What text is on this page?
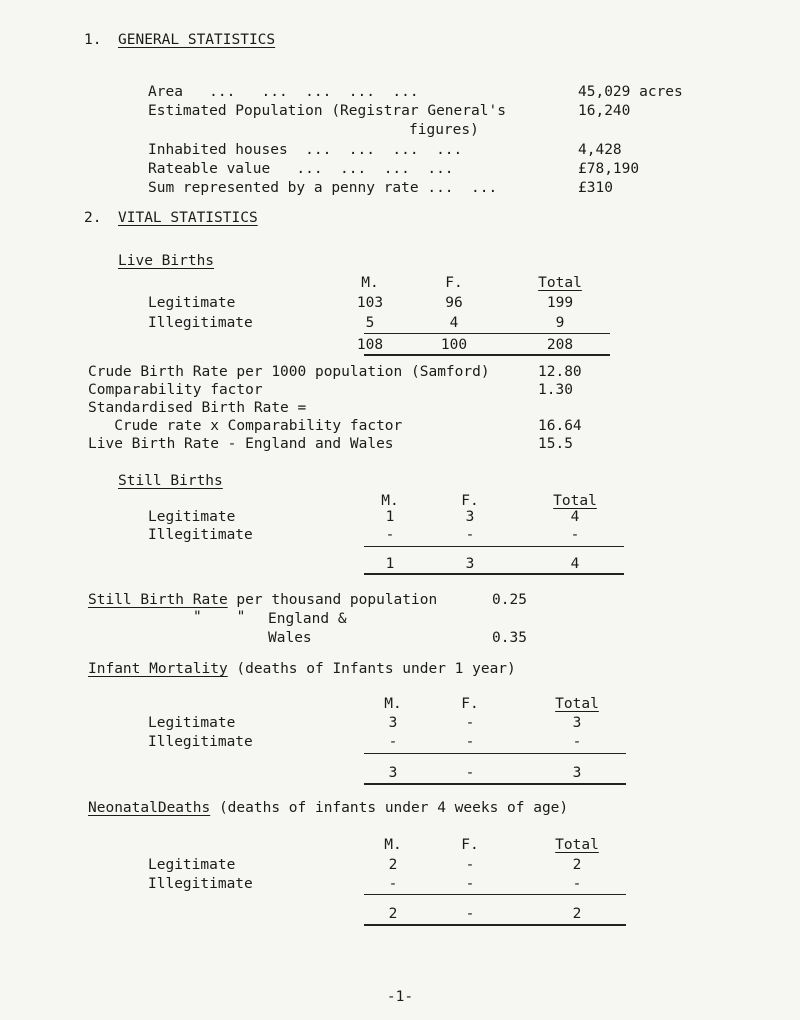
1. GENERAL STATISTICS
Area   ...   ...  ...  ...  ...	45,029 acres
Estimated Population (Registrar General's	16,240
figures)
Inhabited houses  ...  ...  ...  ...	4,428
Rateable value   ...  ...  ...  ...	£78,190
Sum represented by a penny rate ...  ...	£310
2. VITAL STATISTICS
Live Births
M.	F.	Total
Legitimate	103	96	199
Illegitimate	5	4	9
108	100	208
Crude Birth Rate per 1000 population (Samford)	12.80
Comparability factor	1.30
Standardised Birth Rate =
Crude rate x Comparability factor	16.64
Live Birth Rate - England and Wales	15.5
Still Births
M.	F.	Total
Legitimate	1	3	4
Illegitimate	-	-	-
1	3	4
Still Birth Rate per thousand population	0.25
"    " England &
Wales	0.35
Infant Mortality (deaths of Infants under 1 year)
M.	F.	Total
Legitimate	3	-	3
Illegitimate	-	-	-
3	-	3
NeonatalDeaths (deaths of infants under 4 weeks of age)
M.	F.	Total
Legitimate	2	-	2
Illegitimate	-	-	-
2	-	2
-1-
